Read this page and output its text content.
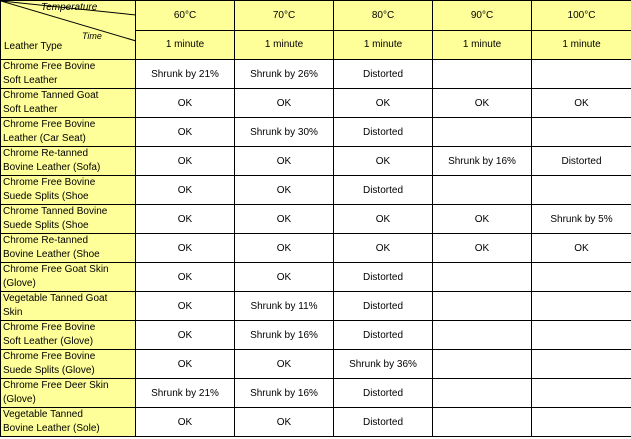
Temperature
Time
Leather Type	60°C	70°C	80°C	90°C	100°C
	1 minute	1 minute	1 minute	1 minute	1 minute

Chrome Free Bovine
Soft Leather	Shrunk by 21%	Shrunk by 26%	Distorted		

Chrome Tanned Goat
Soft Leather	OK	OK	OK	OK	OK

Chrome Free Bovine
Leather (Car Seat)	OK	Shrunk by 30%	Distorted		

Chrome Re-tanned
Bovine Leather (Sofa)	OK	OK	OK	Shrunk by 16%	Distorted

Chrome Free Bovine
Suede Splits (Shoe	OK	OK	Distorted		

Chrome Tanned Bovine
Suede Splits (Shoe	OK	OK	OK	OK	Shrunk by 5%

Chrome Re-tanned
Bovine Leather (Shoe	OK	OK	OK	OK	OK

Chrome Free Goat Skin
(Glove)	OK	OK	Distorted		

Vegetable Tanned Goat
Skin	OK	Shrunk by 11%	Distorted		

Chrome Free Bovine
Soft Leather (Glove)	OK	Shrunk by 16%	Distorted		

Chrome Free Bovine
Suede Splits (Glove)	OK	OK	Shrunk by 36%		

Chrome Free Deer Skin
(Glove)	Shrunk by 21%	Shrunk by 16%	Distorted		

Vegetable Tanned
Bovine Leather (Sole)	OK	OK	Distorted		
